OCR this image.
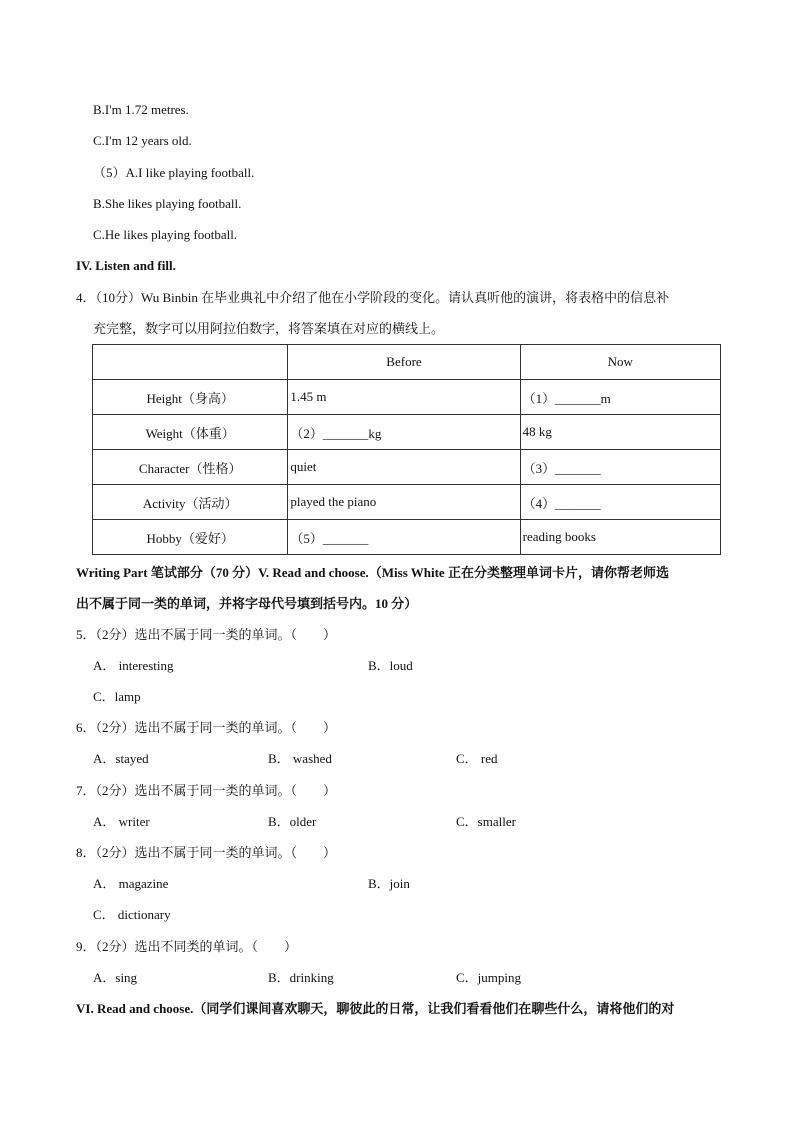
B.I'm 1.72 metres.
C.I'm 12 years old.
（5）A.I like playing football.
B.She likes playing football.
C.He likes playing football.
IV. Listen and fill.
4．（10分）Wu Binbin 在毕业典礼中介绍了他在小学阶段的变化。请认真听他的演讲，将表格中的信息补
充完整，数字可以用阿拉伯数字，将答案填在对应的横线上。
	Before	Now
Height（身高）	1.45 m	（1）_______m
Weight（体重）	（2）_______kg	48 kg
Character（性格）	quiet	（3）_______
Activity（活动）	played the piano	（4）_______
Hobby（爱好）	（5）_______	reading books
Writing Part 笔试部分（70 分）V. Read and choose.（Miss White 正在分类整理单词卡片，请你帮老师选
出不属于同一类的单词，并将字母代号填到括号内。10 分）
5．（2分）选出不属于同一类的单词。（　　）
A． interesting	B．loud
C．lamp
6．（2分）选出不属于同一类的单词。（　　）
A．stayed	B． washed	C． red
7．（2分）选出不属于同一类的单词。（　　）
A． writer	B．older	C．smaller
8．（2分）选出不属于同一类的单词。（　　）
A． magazine	B．join
C． dictionary
9．（2分）选出不同类的单词。（　　）
A．sing	B．drinking	C．jumping
VI. Read and choose.（同学们课间喜欢聊天，聊彼此的日常，让我们看看他们在聊些什么，请将他们的对
